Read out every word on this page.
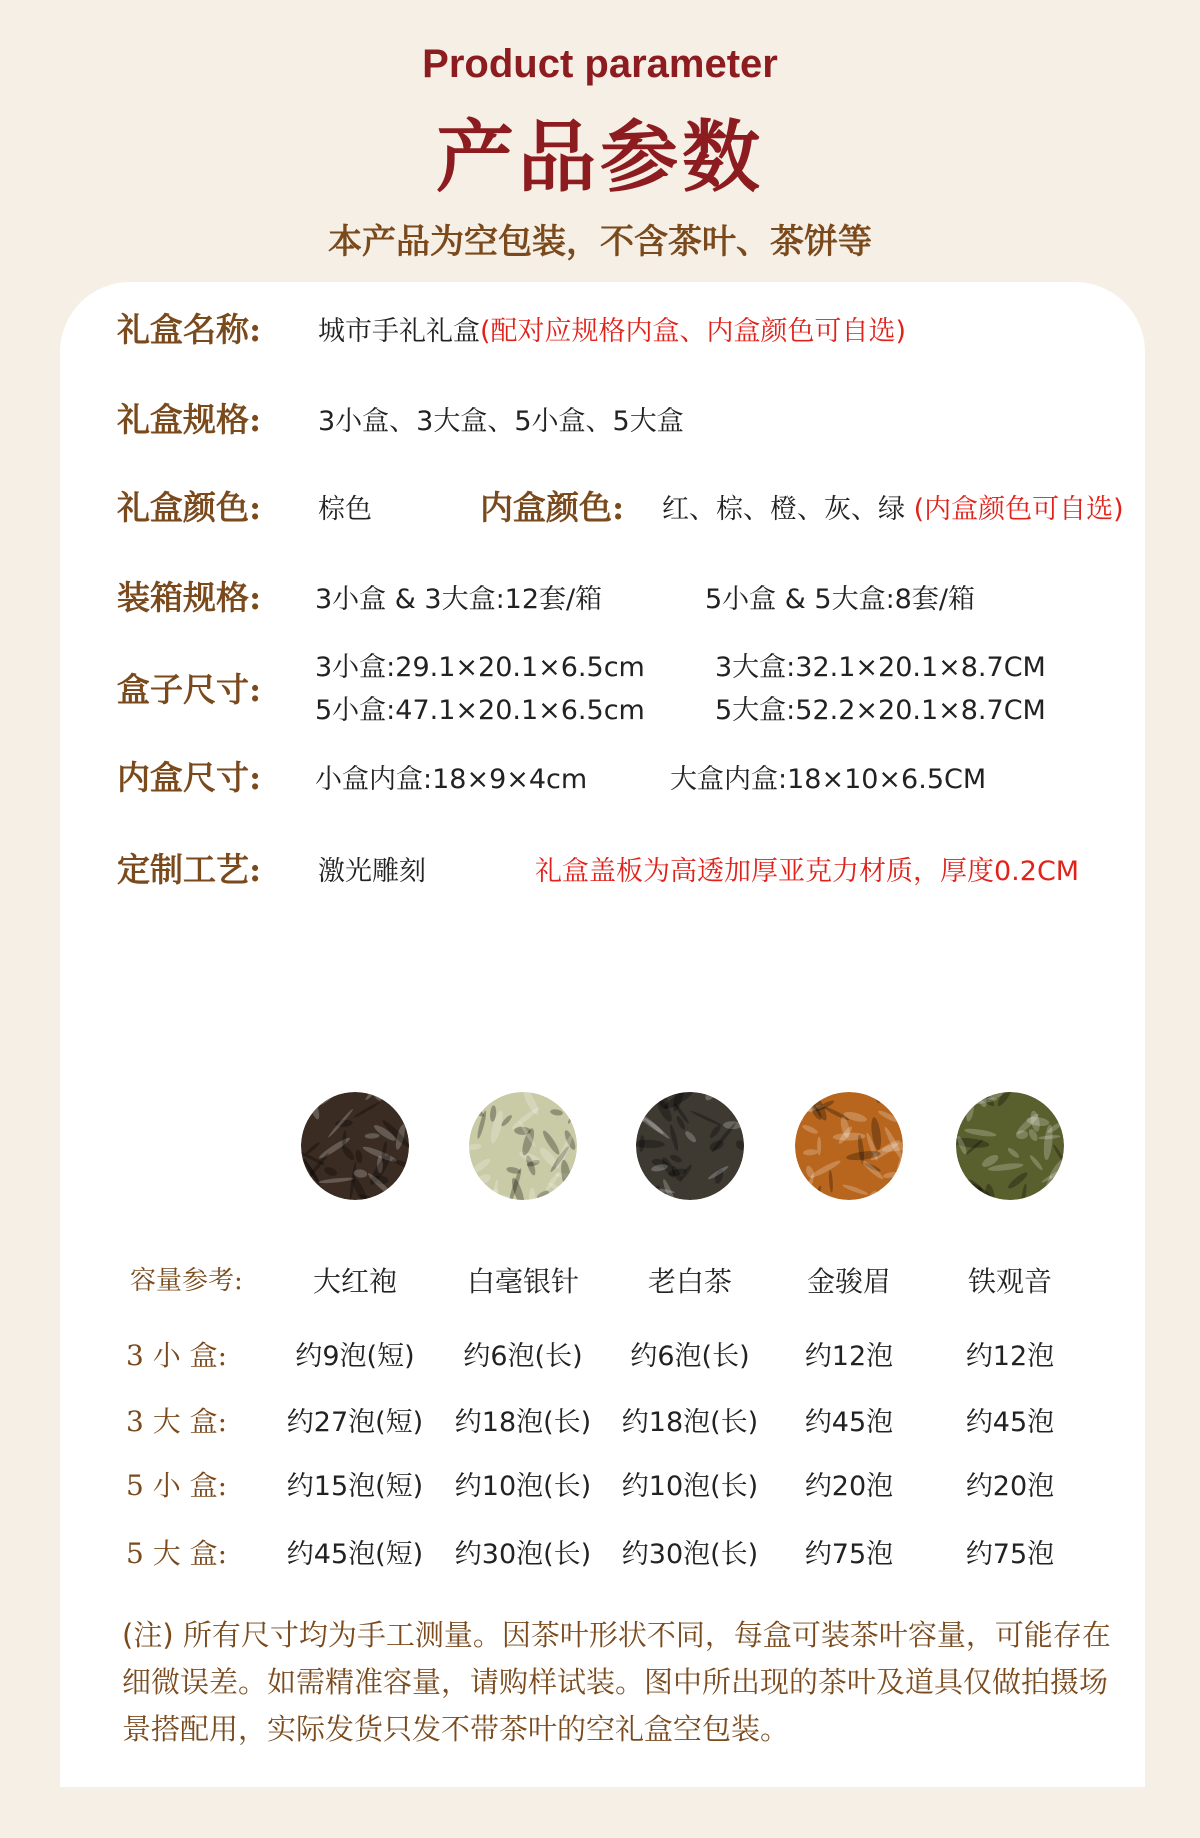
Product parameter
产品参数
本产品为空包装，不含茶叶、茶饼等
礼盒名称: 城市手礼礼盒(配对应规格内盒、内盒颜色可自选)
礼盒规格: 3小盒、3大盒、5小盒、5大盒
礼盒颜色: 棕色	内盒颜色: 红、棕、橙、灰、绿 (内盒颜色可自选)
装箱规格: 3小盒 & 3大盒:12套/箱	5小盒 & 5大盒:8套/箱
盒子尺寸:
3小盒:29.1×20.1×6.5cm	3大盒:32.1×20.1×8.7CM
5小盒:47.1×20.1×6.5cm	5大盒:52.2×20.1×8.7CM
内盒尺寸: 小盒内盒:18×9×4cm	大盒内盒:18×10×6.5CM
定制工艺: 激光雕刻	礼盒盖板为高透加厚亚克力材质，厚度0.2CM
容量参考:	大红袍	白毫银针	老白茶	金骏眉	铁观音
3 小 盒:	约9泡(短)	约6泡(长)	约6泡(长)	约12泡	约12泡
3 大 盒:	约27泡(短)	约18泡(长)	约18泡(长)	约45泡	约45泡
5 小 盒:	约15泡(短)	约10泡(长)	约10泡(长)	约20泡	约20泡
5 大 盒:	约45泡(短)	约30泡(长)	约30泡(长)	约75泡	约75泡
(注) 所有尺寸均为手工测量。因茶叶形状不同，每盒可装茶叶容量，可能存在细微误差。如需精准容量，请购样试装。图中所出现的茶叶及道具仅做拍摄场景搭配用，实际发货只发不带茶叶的空礼盒空包装。
